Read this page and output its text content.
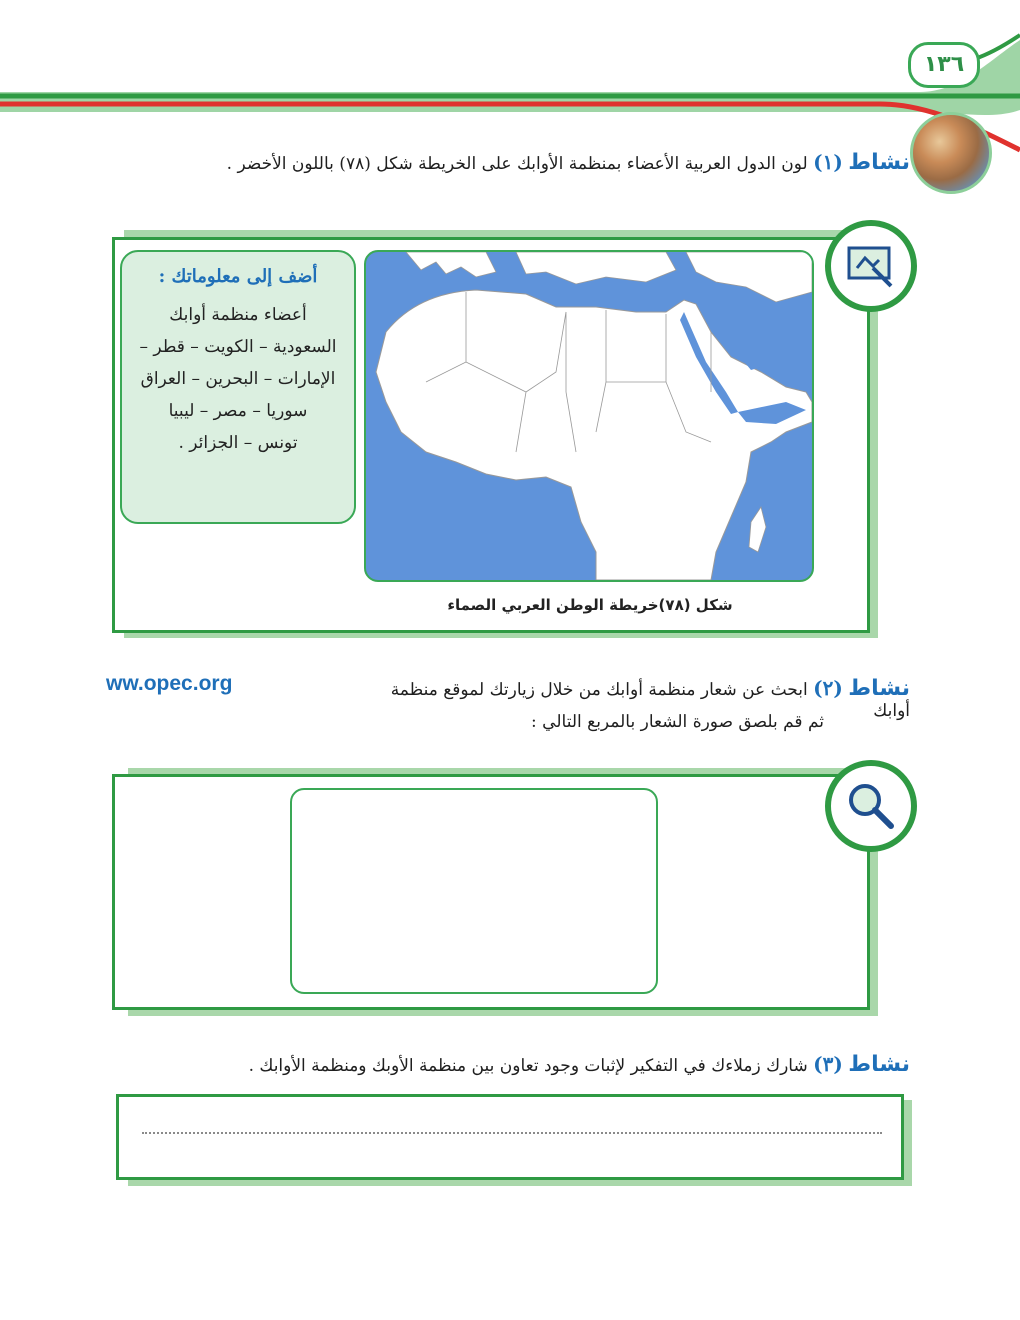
١٣٦
نشاط (١) لون الدول العربية الأعضاء بمنظمة الأوابك على الخريطة شكل (٧٨) باللون الأخضر .
أضف إلى معلوماتك :
أعضاء منظمة أوابك
السعودية – الكويت – قطر –
الإمارات – البحرين – العراق
سوريا – مصر – ليبيا
تونس – الجزائر .
شكل (٧٨)خريطة الوطن العربي الصماء
نشاط (٢) ابحث عن شعار منظمة أوابك من خلال زيارتك لموقع منظمة أوابك
ww.opec.org
ثم قم بلصق صورة الشعار بالمربع التالي :
نشاط (٣) شارك زملاءك في التفكير لإثبات وجود تعاون بين منظمة الأوبك ومنظمة الأوابك .
